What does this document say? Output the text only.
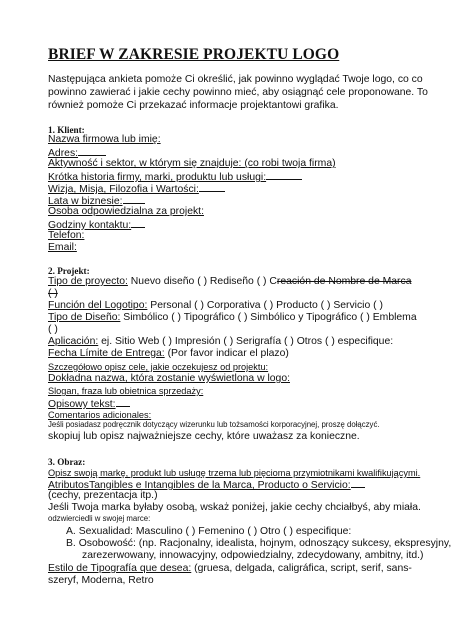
BRIEF W ZAKRESIE PROJEKTU LOGO
Następująca ankieta pomoże Ci określić, jak powinno wyglądać Twoje logo, co co powinno zawierać i jakie cechy powinno mieć, aby osiągnąć cele proponowane. To również pomoże Ci przekazać informacje projektantowi grafika.
1. Klient:
Nazwa firmowa lub imię:
Adres:
Aktywność i sektor, w którym się znajduje: (co robi twoja firma)
Krótka historia firmy, marki, produktu lub usługi:
Wizja, Misja, Filozofia i Wartości:
Lata w biznesie:
Osoba odpowiedzialna za projekt:
Godziny kontaktu:
Telefon:
Email:
2. Projekt:
Tipo de proyecto: Nuevo diseño ( ) Rediseño ( ) Creación de Nombre de Marca
( )
Función del Logotipo: Personal ( ) Corporativa ( ) Producto ( ) Servicio ( )
Tipo de Diseño: Simbólico ( ) Tipográfico ( ) Simbólico y Tipográfico ( ) Emblema
( )
Aplicación: ej. Sitio Web ( ) Impresión ( ) Serigrafía ( ) Otros ( ) especifique:
Fecha Límite de Entrega: (Por favor indicar el plazo)
Szczegółowo opisz cele, jakie oczekujesz od projektu:
Dokładna nazwa, która zostanie wyświetlona w logo:
Slogan, fraza lub obietnica sprzedaży:
Opisowy tekst:
Comentarios adicionales:
Jeśli posiadasz podręcznik dotyczący wizerunku lub tożsamości korporacyjnej, proszę dołączyć.
skopiuj lub opisz najważniejsze cechy, które uważasz za konieczne.
3. Obraz:
Opisz swoją markę, produkt lub usługę trzema lub pięcioma przymiotnikami kwalifikującymi.
AtributosTangibles e Intangibles de la Marca, Producto o Servicio:
(cechy, prezentacja itp.)
Jeśli Twoja marka byłaby osobą, wskaż poniżej, jakie cechy chciałbyś, aby miała.
odzwierciedli w swojej marce:
A. Sexualidad: Masculino ( ) Femenino ( ) Otro ( ) especifique:
B. Osobowość: (np. Racjonalny, idealista, hojnym, odnoszący sukcesy, ekspresyjny,
zarezerwowany, innowacyjny, odpowiedzialny, zdecydowany, ambitny, itd.)
Estilo de Tipografía que desea: (gruesa, delgada, caligráfica, script, serif, sans-
szeryf, Moderna, Retro
